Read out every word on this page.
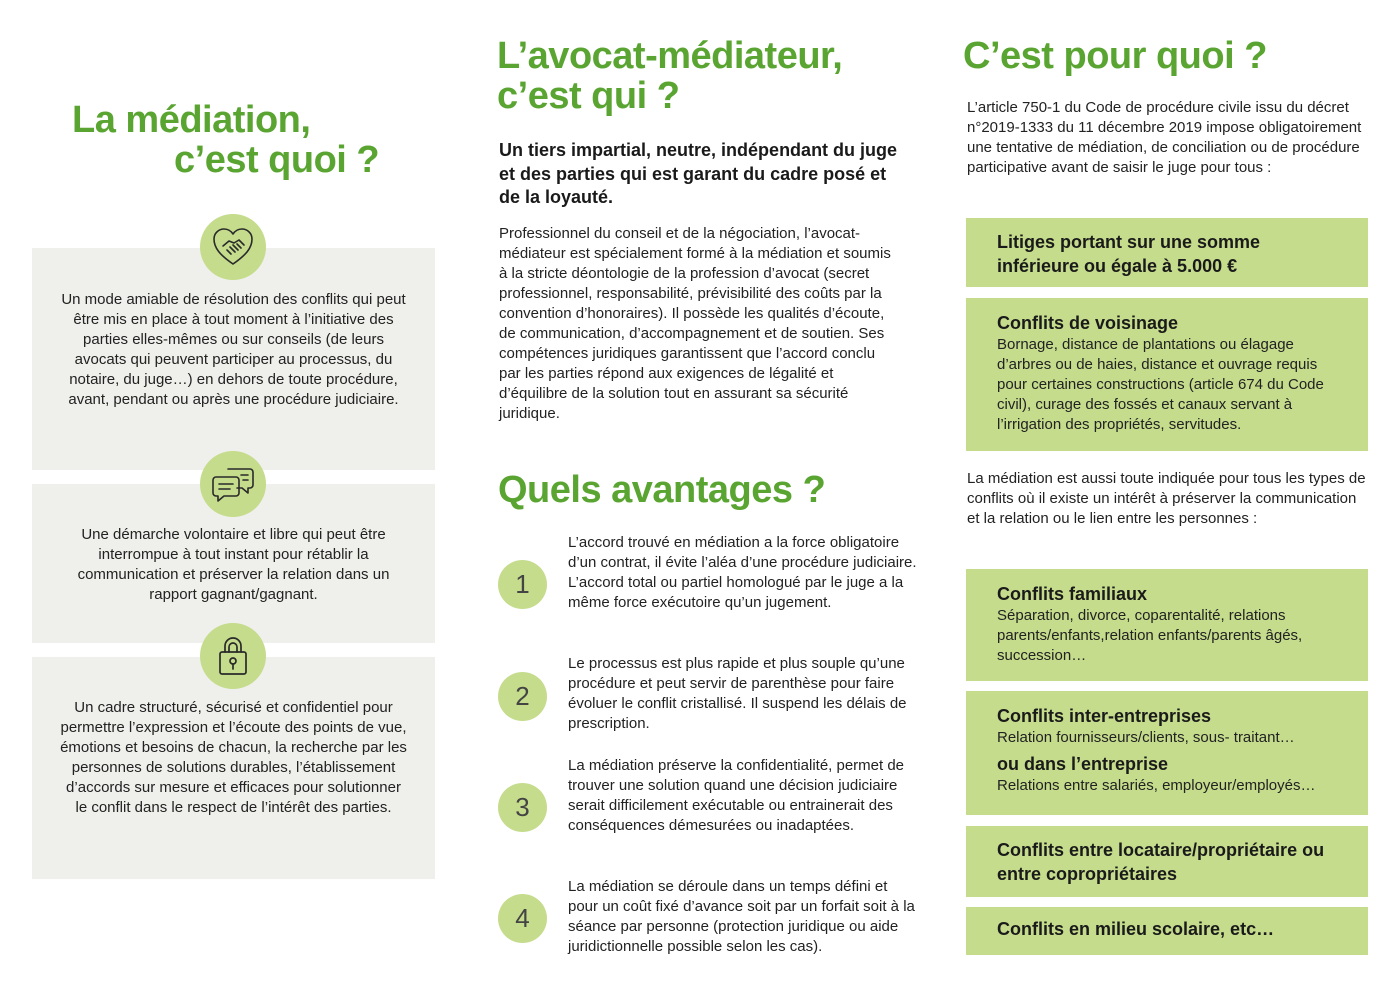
La médiation,
c’est quoi ?

Un mode amiable de résolution des conflits qui peut être mis en place à tout moment à l’initiative des parties elles-mêmes ou sur conseils (de leurs avocats qui peuvent participer au processus, du notaire, du juge…) en dehors de toute procédure, avant, pendant ou après une procédure judiciaire.

Une démarche volontaire et libre qui peut être interrompue à tout instant pour rétablir la communication et préserver la relation dans un rapport gagnant/gagnant.

Un cadre structuré, sécurisé et confidentiel pour permettre l’expression et l’écoute des points de vue, émotions et besoins de chacun, la recherche par les personnes de solutions durables, l’établissement d’accords sur mesure et efficaces pour solutionner le conflit dans le respect de l’intérêt des parties.

L’avocat-médiateur,
c’est qui ?
Un tiers impartial, neutre, indépendant du juge et des parties qui est garant du cadre posé et de la loyauté.
Professionnel du conseil et de la négociation, l’avocat-médiateur est spécialement formé à la médiation et soumis à la stricte déontologie de la profession d’avocat (secret professionnel, responsabilité, prévisibilité des coûts par la convention d’honoraires). Il possède les qualités d’écoute, de communication, d’accompagnement et de soutien. Ses compétences juridiques garantissent que l’accord conclu par les parties répond aux exigences de légalité et d’équilibre de la solution tout en assurant sa sécurité juridique.
Quels avantages ?
1
L’accord trouvé en médiation a la force obligatoire d’un contrat, il évite l’aléa d’une procédure judiciaire. L’accord total ou partiel homologué par le juge a la même force exécutoire qu’un jugement.
2
Le processus est plus rapide et plus souple qu’une procédure et peut servir de parenthèse pour faire évoluer le conflit cristallisé. Il suspend les délais de prescription.
3
La médiation préserve la confidentialité, permet de trouver une solution quand une décision judiciaire serait difficilement exécutable ou entrainerait des conséquences démesurées ou inadaptées.
4
La médiation se déroule dans un temps défini et pour un coût fixé d’avance soit par un forfait soit à la séance par personne (protection juridique ou aide juridictionnelle possible selon les cas).
C’est pour quoi ?
L’article 750-1 du Code de procédure civile issu du décret n°2019-1333 du 11 décembre 2019 impose obligatoirement une tentative de médiation, de conciliation ou de procédure participative avant de saisir le juge pour tous :
Litiges portant sur une somme inférieure ou égale à 5.000 €
Conflits de voisinage
Bornage, distance de plantations ou élagage d’arbres ou de haies, distance et ouvrage requis pour certaines constructions (article 674 du Code civil), curage des fossés et canaux servant à l’irrigation des propriétés, servitudes.
La médiation est aussi toute indiquée pour tous les types de conflits où il existe un intérêt à préserver la communication et la relation ou le lien entre les personnes :
Conflits familiaux
Séparation, divorce, coparentalité, relations parents/enfants,relation enfants/parents âgés, succession…
Conflits inter-entreprises
Relation fournisseurs/clients, sous- traitant…
ou dans l’entreprise
Relations entre salariés, employeur/employés…
Conflits entre locataire/propriétaire ou entre copropriétaires
Conflits en milieu scolaire, etc…
